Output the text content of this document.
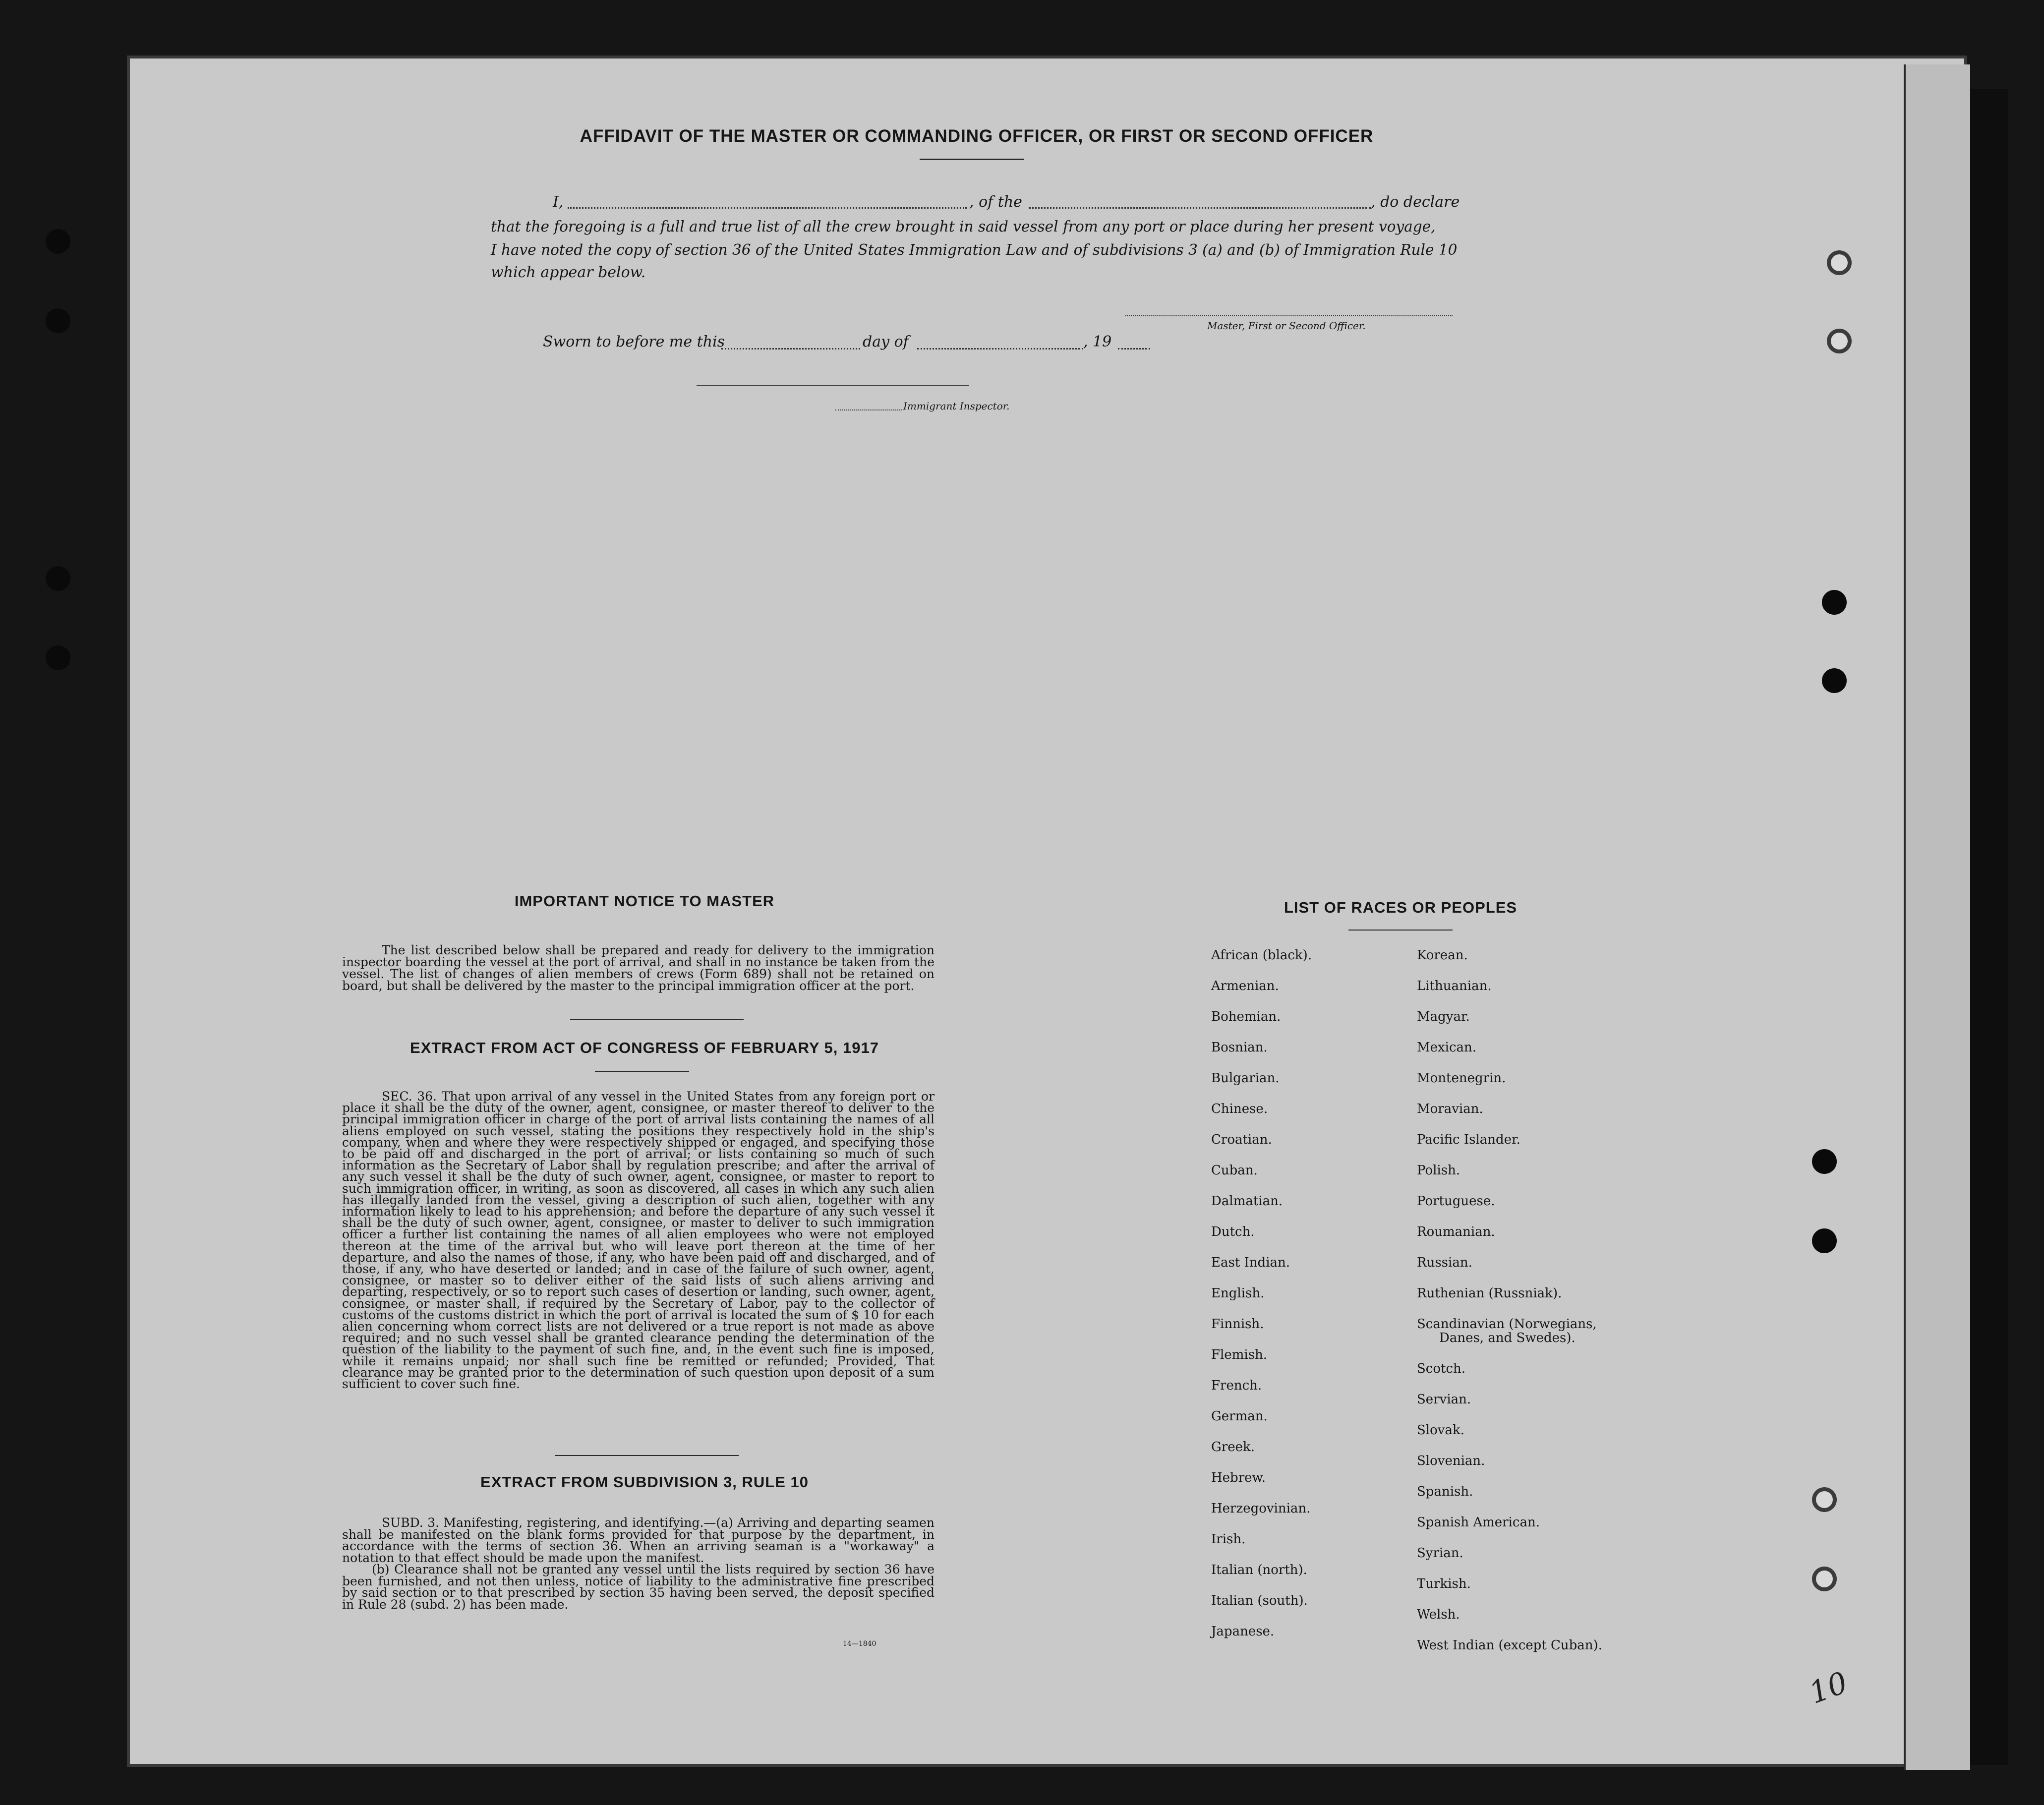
AFFIDAVIT OF THE MASTER OR COMMANDING OFFICER, OR FIRST OR SECOND OFFICER
I,	, of the	, do declare
that the foregoing is a full and true list of all the crew brought in said vessel from any port or place during her present voyage,
I have noted the copy of section 36 of the United States Immigration Law and of subdivisions 3 (a) and (b) of Immigration Rule 10
which appear below.
Master, First or Second Officer.
Sworn to before me this	day of	, 19
Immigrant Inspector.
IMPORTANT NOTICE TO MASTER

The list described below shall be prepared and ready for delivery to the immigration inspector boarding the vessel at the port of arrival, and shall in no instance be taken from the vessel. The list of changes of alien members of crews (Form 689) shall not be retained on board, but shall be delivered by the master to the principal immigration officer at the port.

EXTRACT FROM ACT OF CONGRESS OF FEBRUARY 5, 1917

SEC. 36. That upon arrival of any vessel in the United States from any foreign port or place it shall be the duty of the owner, agent, consignee, or master thereof to deliver to the principal immigration officer in charge of the port of arrival lists containing the names of all aliens employed on such vessel, stating the positions they respectively hold in the ship's company, when and where they were respectively shipped or engaged, and specifying those to be paid off and discharged in the port of arrival; or lists containing so much of such information as the Secretary of Labor shall by regulation prescribe; and after the arrival of any such vessel it shall be the duty of such owner, agent, consignee, or master to report to such immigration officer, in writing, as soon as discovered, all cases in which any such alien has illegally landed from the vessel, giving a description of such alien, together with any information likely to lead to his apprehension; and before the departure of any such vessel it shall be the duty of such owner, agent, consignee, or master to deliver to such immigration officer a further list containing the names of all alien employees who were not employed thereon at the time of the arrival but who will leave port thereon at the time of her departure, and also the names of those, if any, who have been paid off and discharged, and of those, if any, who have deserted or landed; and in case of the failure of such owner, agent, consignee, or master so to deliver either of the said lists of such aliens arriving and departing, respectively, or so to report such cases of desertion or landing, such owner, agent, consignee, or master shall, if required by the Secretary of Labor, pay to the collector of customs of the customs district in which the port of arrival is located the sum of $ 10 for each alien concerning whom correct lists are not delivered or a true report is not made as above required; and no such vessel shall be granted clearance pending the determination of the question of the liability to the payment of such fine, and, in the event such fine is imposed, while it remains unpaid; nor shall such fine be remitted or refunded; Provided, That clearance may be granted prior to the determination of such question upon deposit of a sum sufficient to cover such fine.

EXTRACT FROM SUBDIVISION 3, RULE 10

SUBD. 3. Manifesting, registering, and identifying.—(a) Arriving and departing seamen shall be manifested on the blank forms provided for that purpose by the department, in accordance with the terms of section 36. When an arriving seaman is a "workaway" a notation to that effect should be made upon the manifest.

(b) Clearance shall not be granted any vessel until the lists required by section 36 have been furnished, and not then unless, notice of liability to the administrative fine prescribed by said section or to that prescribed by section 35 having been served, the deposit specified in Rule 28 (subd. 2) has been made.

14—1840
LIST OF RACES OR PEOPLES
African (black).
Armenian.
Bohemian.
Bosnian.
Bulgarian.
Chinese.
Croatian.
Cuban.
Dalmatian.
Dutch.
East Indian.
English.
Finnish.
Flemish.
French.
German.
Greek.
Hebrew.
Herzegovinian.
Irish.
Italian (north).
Italian (south).
Japanese.
Korean.
Lithuanian.
Magyar.
Mexican.
Montenegrin.
Moravian.
Pacific Islander.
Polish.
Portuguese.
Roumanian.
Russian.
Ruthenian (Russniak).
Scandinavian (Norwegians,
Danes, and Swedes).
Scotch.
Servian.
Slovak.
Slovenian.
Spanish.
Spanish American.
Syrian.
Turkish.
Welsh.
West Indian (except Cuban).
10
